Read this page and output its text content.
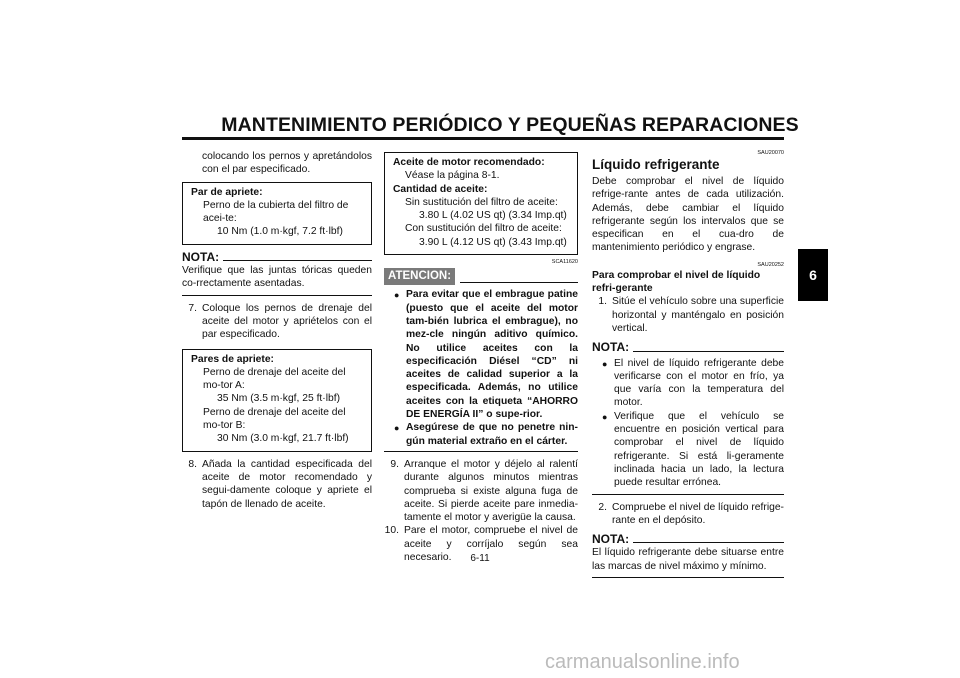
MANTENIMIENTO PERIÓDICO Y PEQUEÑAS REPARACIONES
6
colocando los pernos y apretándolos con el par especificado.
Par de apriete:
Perno de la cubierta del filtro de acei-te:
10 Nm (1.0 m·kgf, 7.2 ft·lbf)
NOTA:
Verifique que las juntas tóricas queden co-rrectamente asentadas.
7. Coloque los pernos de drenaje del aceite del motor y apriételos con el par especificado.
Pares de apriete:
Perno de drenaje del aceite del mo-tor A:
35 Nm (3.5 m·kgf, 25 ft·lbf)
Perno de drenaje del aceite del mo-tor B:
30 Nm (3.0 m·kgf, 21.7 ft·lbf)
8. Añada la cantidad especificada del aceite de motor recomendado y segui-damente coloque y apriete el tapón de llenado de aceite.
Aceite de motor recomendado:
Véase la página 8-1.
Cantidad de aceite:
Sin sustitución del filtro de aceite:
3.80 L (4.02 US qt) (3.34 Imp.qt)
Con sustitución del filtro de aceite:
3.90 L (4.12 US qt) (3.43 Imp.qt)
SCA11620
ATENCION:
● Para evitar que el embrague patine (puesto que el aceite del motor tam-bién lubrica el embrague), no mez-cle ningún aditivo químico. No utilice aceites con la especificación Diésel “CD” ni aceites de calidad superior a la especificada. Además, no utilice aceites con la etiqueta “AHORRO DE ENERGÍA II” o supe-rior.
● Asegúrese de que no penetre nin-gún material extraño en el cárter.
9. Arranque el motor y déjelo al ralentí durante algunos minutos mientras comprueba si existe alguna fuga de aceite. Si pierde aceite pare inmedia-tamente el motor y averigüe la causa.
10. Pare el motor, compruebe el nivel de aceite y corríjalo según sea necesario.
SAU20070
Líquido refrigerante
Debe comprobar el nivel de líquido refrige-rante antes de cada utilización. Además, debe cambiar el líquido refrigerante según los intervalos que se especifican en el cua-dro de mantenimiento periódico y engrase.
SAU20252
Para comprobar el nivel de líquido refri-gerante
1. Sitúe el vehículo sobre una superficie horizontal y manténgalo en posición vertical.
NOTA:
● El nivel de líquido refrigerante debe verificarse con el motor en frío, ya que varía con la temperatura del motor.
● Verifique que el vehículo se encuentre en posición vertical para comprobar el nivel de líquido refrigerante. Si está li-geramente inclinada hacia un lado, la lectura puede resultar errónea.
2. Compruebe el nivel de líquido refrige-rante en el depósito.
NOTA:
El líquido refrigerante debe situarse entre las marcas de nivel máximo y mínimo.
6-11
carmanualsonline.info
